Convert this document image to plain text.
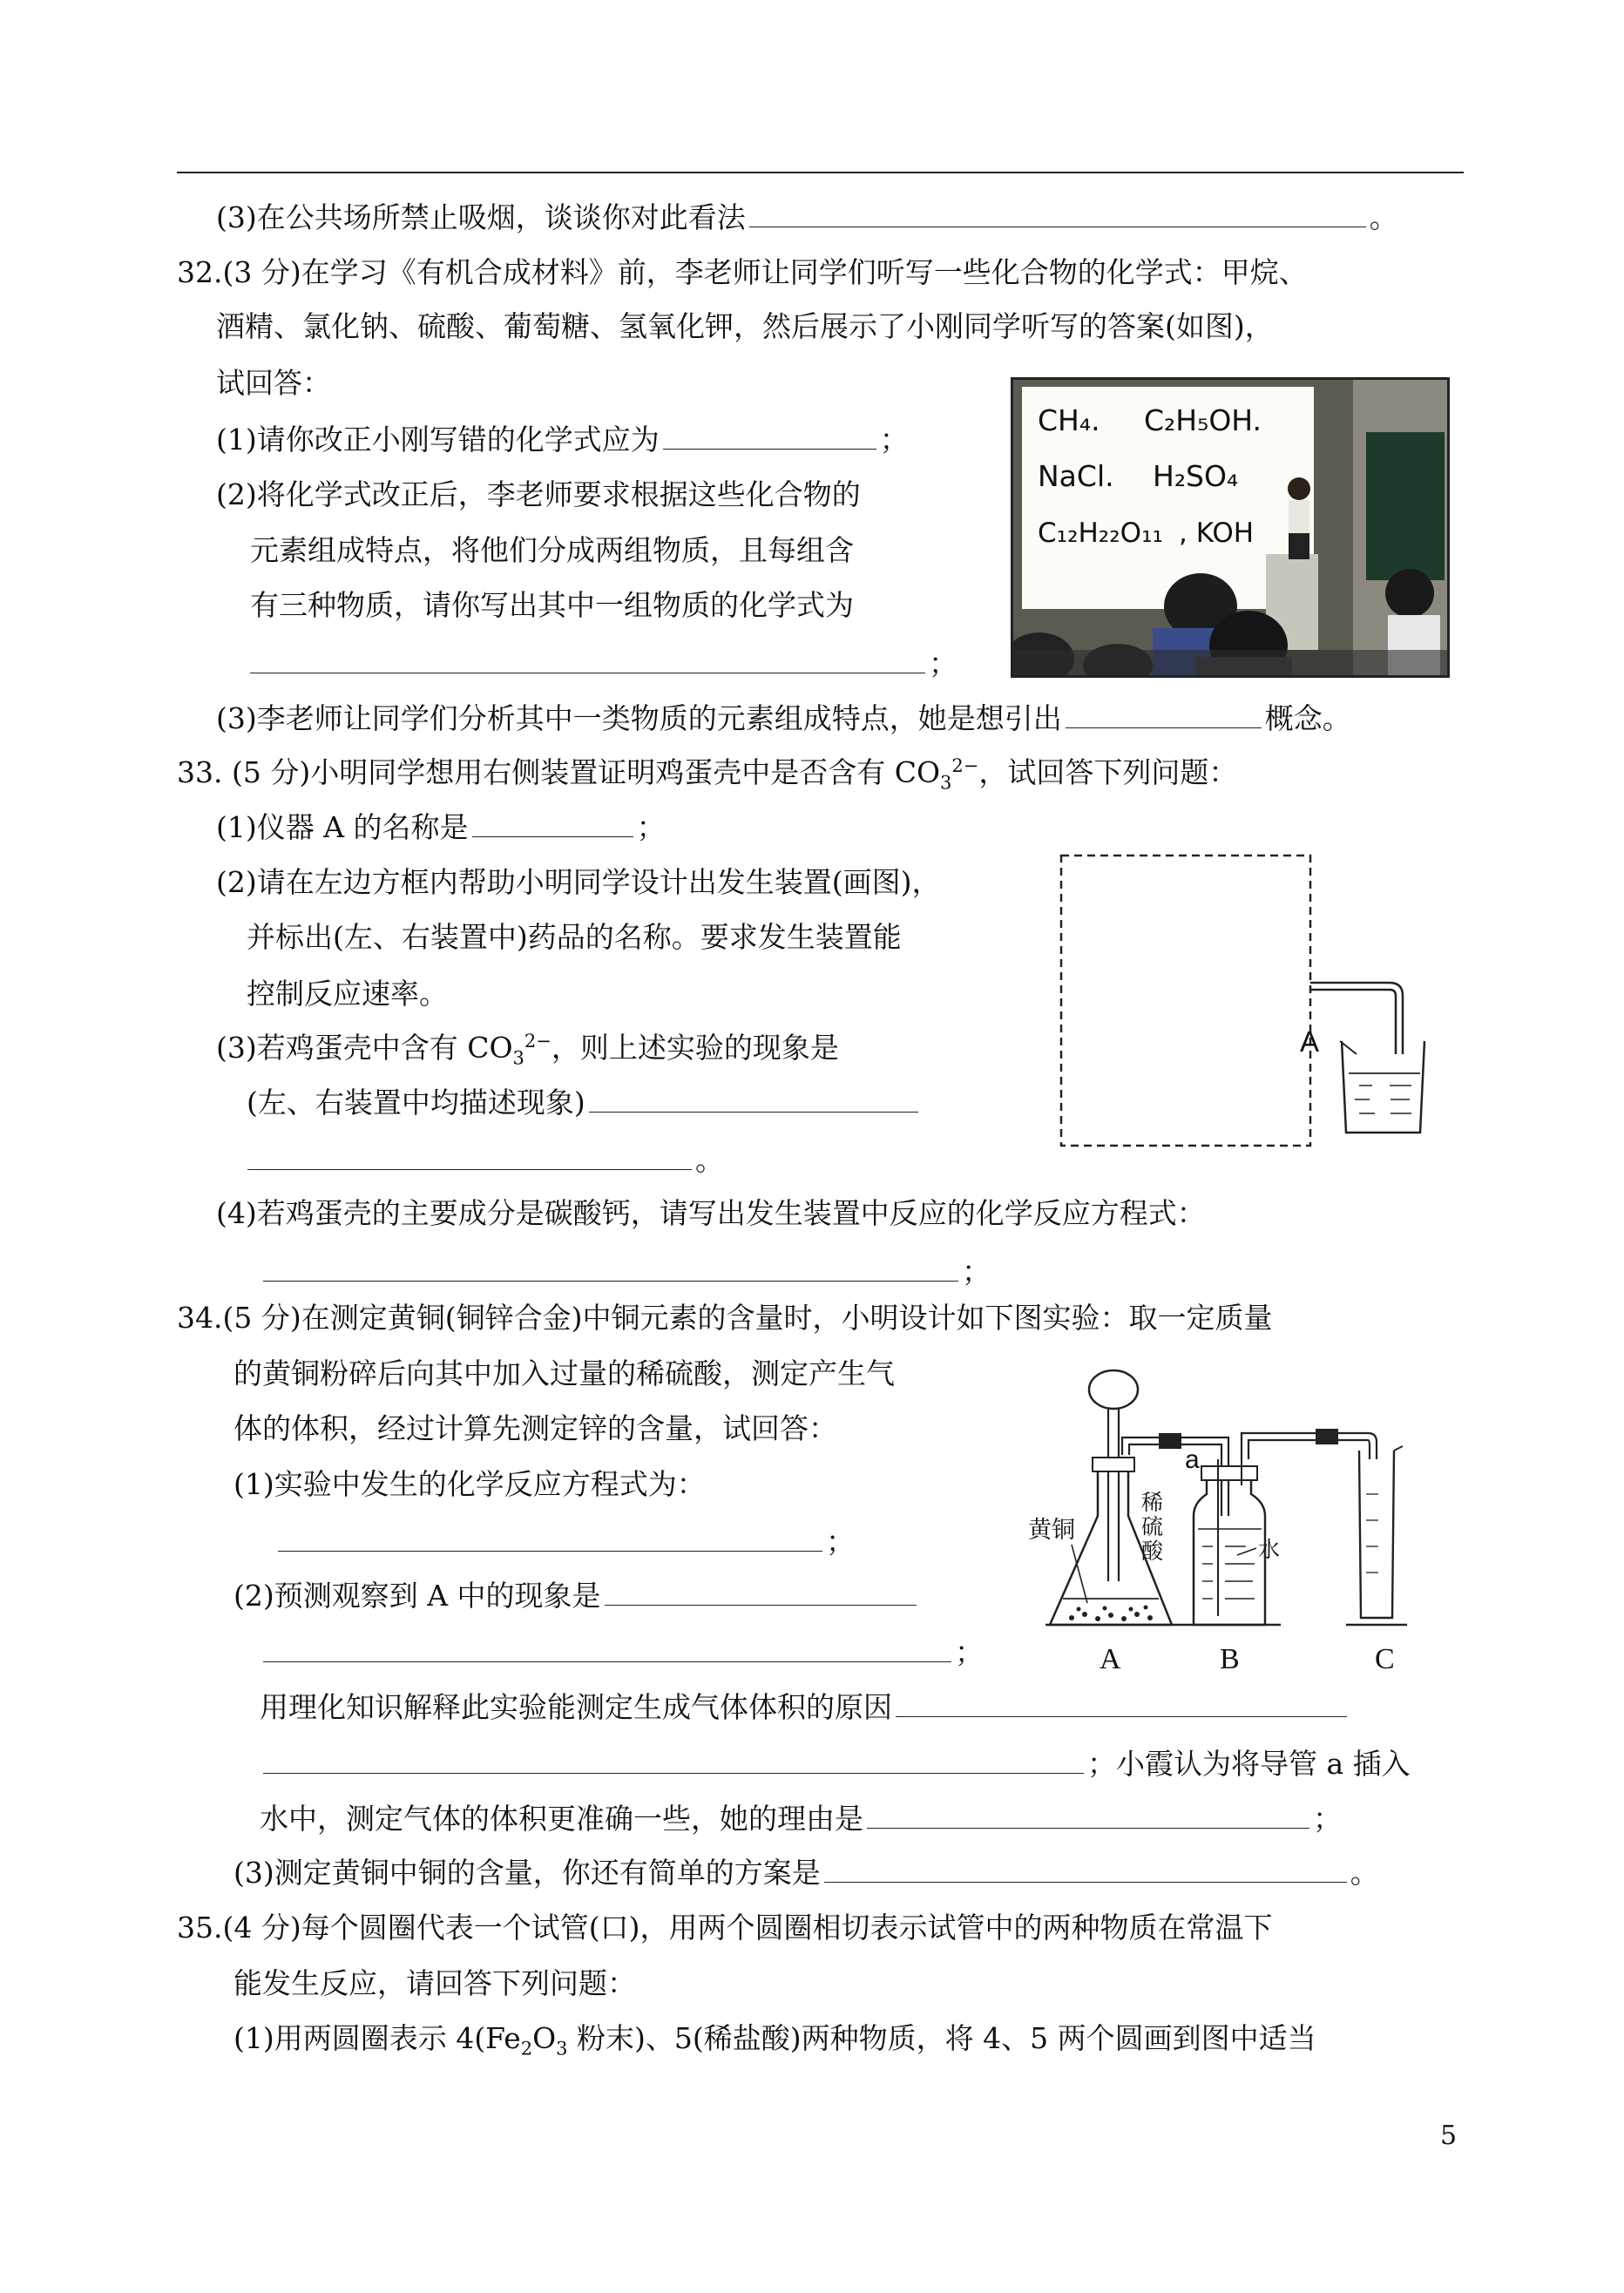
(3)在公共场所禁止吸烟，谈谈你对此看法	。
32.(3 分)在学习《有机合成材料》前，李老师让同学们听写一些化合物的化学式：甲烷、
酒精、氯化钠、硫酸、葡萄糖、氢氧化钾，然后展示了小刚同学听写的答案(如图)，
试回答：
(1)请你改正小刚写错的化学式应为	；
(2)将化学式改正后，李老师要求根据这些化合物的
元素组成特点，将他们分成两组物质，且每组含
有三种物质，请你写出其中一组物质的化学式为
；
(3)李老师让同学们分析其中一类物质的元素组成特点，她是想引出	概念。
CH₄. C₂H₅OH.
NaCl. H₂SO₄
C₁₂H₂₂O₁₁ , KOH
33. (5 分)小明同学想用右侧装置证明鸡蛋壳中是否含有 $CO_3^{2-}$，试回答下列问题：
(1)仪器 A 的名称是	；
(2)请在左边方框内帮助小明同学设计出发生装置(画图)，
并标出(左、右装置中)药品的名称。要求发生装置能
控制反应速率。
(3)若鸡蛋壳中含有 $CO_3^{2-}$，则上述实验的现象是
(左、右装置中均描述现象)
。
(4)若鸡蛋壳的主要成分是碳酸钙，请写出发生装置中反应的化学反应方程式：
；
A
34.(5 分)在测定黄铜(铜锌合金)中铜元素的含量时，小明设计如下图实验：取一定质量
的黄铜粉碎后向其中加入过量的稀硫酸，测定产生气
体的体积，经过计算先测定锌的含量，试回答：
(1)实验中发生的化学反应方程式为：
；
(2)预测观察到 A 中的现象是
；
用理化知识解释此实验能测定生成气体体积的原因
；小霞认为将导管 a 插入
水中，测定气体的体积更准确一些，她的理由是	；
(3)测定黄铜中铜的含量，你还有简单的方案是	。
黄铜
稀
硫
酸
a
水
A	B	C
35.(4 分)每个圆圈代表一个试管(口)，用两个圆圈相切表示试管中的两种物质在常温下
能发生反应，请回答下列问题：
(1)用两圆圈表示 $4(Fe_2O_3$ 粉末)、5(稀盐酸)两种物质，将 4、5 两个圆画到图中适当
5
